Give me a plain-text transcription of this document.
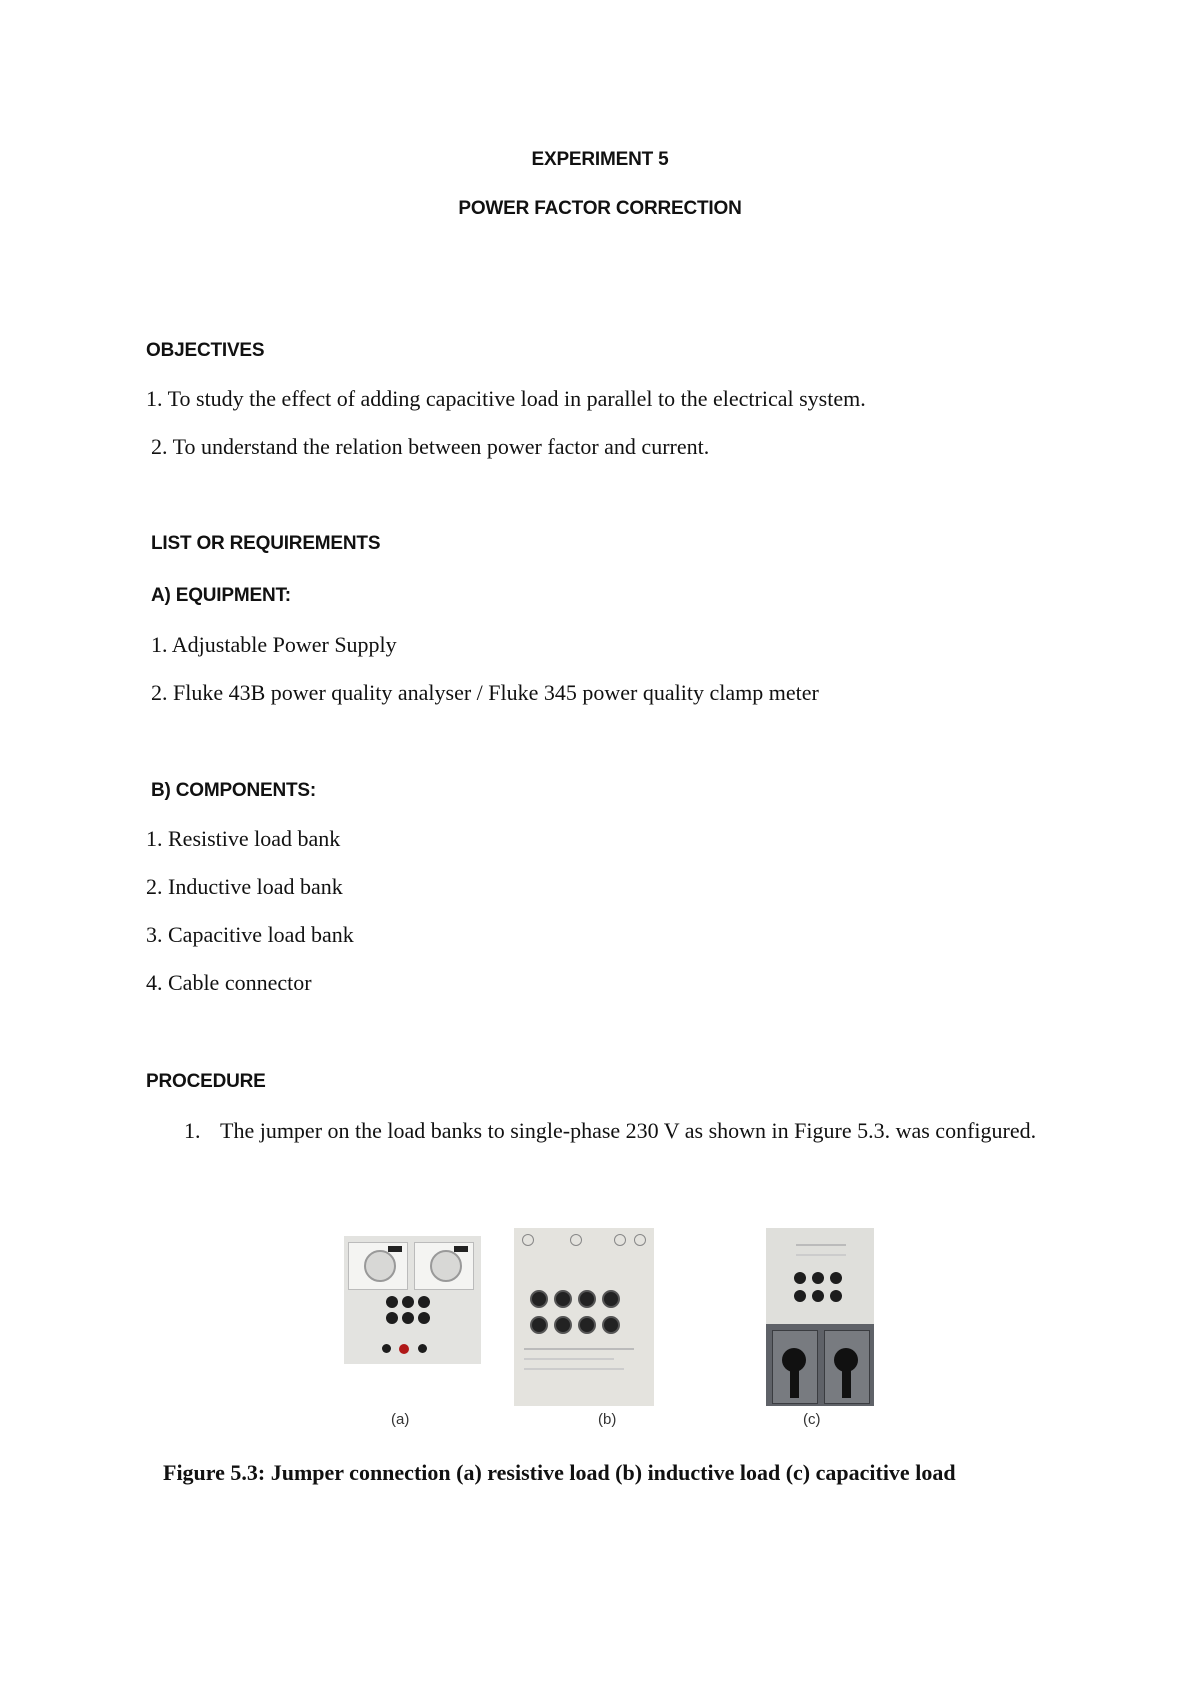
EXPERIMENT 5
POWER FACTOR CORRECTION
OBJECTIVES
1. To study the effect of adding capacitive load in parallel to the electrical system.
2. To understand the relation between power factor and current.
LIST OR REQUIREMENTS
A) EQUIPMENT:
1. Adjustable Power Supply
2. Fluke 43B power quality analyser / Fluke 345 power quality clamp meter
B) COMPONENTS:
1. Resistive load bank
2. Inductive load bank
3. Capacitive load bank
4. Cable connector
PROCEDURE
1. The jumper on the load banks to single-phase 230 V as shown in Figure 5.3. was configured.
(a)	(b)	(c)
Figure 5.3: Jumper connection (a) resistive load (b) inductive load (c) capacitive load
